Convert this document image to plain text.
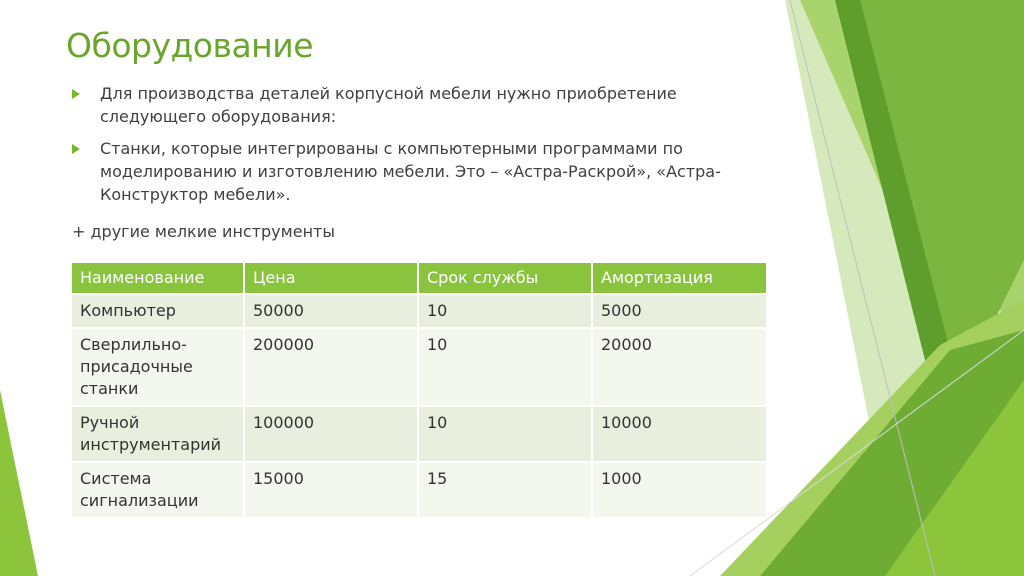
Оборудование
Для производства деталей корпусной мебели нужно приобретение следующего оборудования:
Станки, которые интегрированы с компьютерными программами по моделированию и изготовлению мебели. Это – «Астра-Раскрой», «Астра-Конструктор мебели».
+ другие мелкие инструменты
Наименование	Цена	Срок службы	Амортизация
Компьютер	50000	10	5000
Сверлильно-присадочные станки	200000	10	20000
Ручной инструментарий	100000	10	10000
Система сигнализации	15000	15	1000
